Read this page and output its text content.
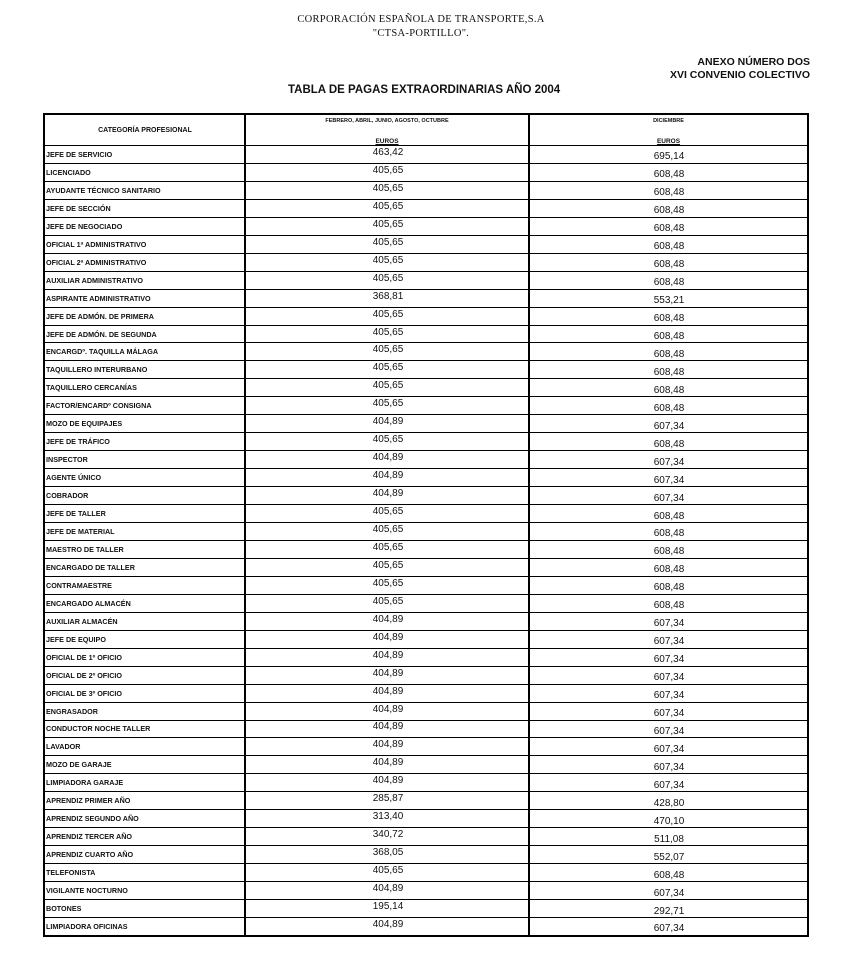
CORPORACIÓN ESPAÑOLA DE TRANSPORTE,S.A
"CTSA-PORTILLO".
ANEXO NÚMERO DOS
XVI CONVENIO COLECTIVO
TABLA DE PAGAS EXTRAORDINARIAS AÑO 2004
CATEGORÍA PROFESIONAL
FEBRERO, ABRIL, JUNIO, AGOSTO, OCTUBRE
EUROS
DICIEMBRE
EUROS
JEFE DE SERVICIO	463,42	695,14
LICENCIADO	405,65	608,48
AYUDANTE TÉCNICO SANITARIO	405,65	608,48
JEFE DE SECCIÓN	405,65	608,48
JEFE DE NEGOCIADO	405,65	608,48
OFICIAL 1ª ADMINISTRATIVO	405,65	608,48
OFICIAL 2ª ADMINISTRATIVO	405,65	608,48
AUXILIAR ADMINISTRATIVO	405,65	608,48
ASPIRANTE ADMINISTRATIVO	368,81	553,21
JEFE DE ADMÓN. DE PRIMERA	405,65	608,48
JEFE DE ADMÓN. DE SEGUNDA	405,65	608,48
ENCARGDº. TAQUILLA MÁLAGA	405,65	608,48
TAQUILLERO INTERURBANO	405,65	608,48
TAQUILLERO CERCANÍAS	405,65	608,48
FACTOR/ENCARDº CONSIGNA	405,65	608,48
MOZO DE EQUIPAJES	404,89	607,34
JEFE DE TRÁFICO	405,65	608,48
INSPECTOR	404,89	607,34
AGENTE ÚNICO	404,89	607,34
COBRADOR	404,89	607,34
JEFE DE TALLER	405,65	608,48
JEFE DE MATERIAL	405,65	608,48
MAESTRO DE TALLER	405,65	608,48
ENCARGADO DE TALLER	405,65	608,48
CONTRAMAESTRE	405,65	608,48
ENCARGADO ALMACÉN	405,65	608,48
AUXILIAR ALMACÉN	404,89	607,34
JEFE DE EQUIPO	404,89	607,34
OFICIAL DE 1º OFICIO	404,89	607,34
OFICIAL DE 2º OFICIO	404,89	607,34
OFICIAL DE 3º OFICIO	404,89	607,34
ENGRASADOR	404,89	607,34
CONDUCTOR NOCHE TALLER	404,89	607,34
LAVADOR	404,89	607,34
MOZO DE GARAJE	404,89	607,34
LIMPIADORA GARAJE	404,89	607,34
APRENDIZ PRIMER AÑO	285,87	428,80
APRENDIZ SEGUNDO AÑO	313,40	470,10
APRENDIZ TERCER AÑO	340,72	511,08
APRENDIZ CUARTO AÑO	368,05	552,07
TELEFONISTA	405,65	608,48
VIGILANTE NOCTURNO	404,89	607,34
BOTONES	195,14	292,71
LIMPIADORA OFICINAS	404,89	607,34
